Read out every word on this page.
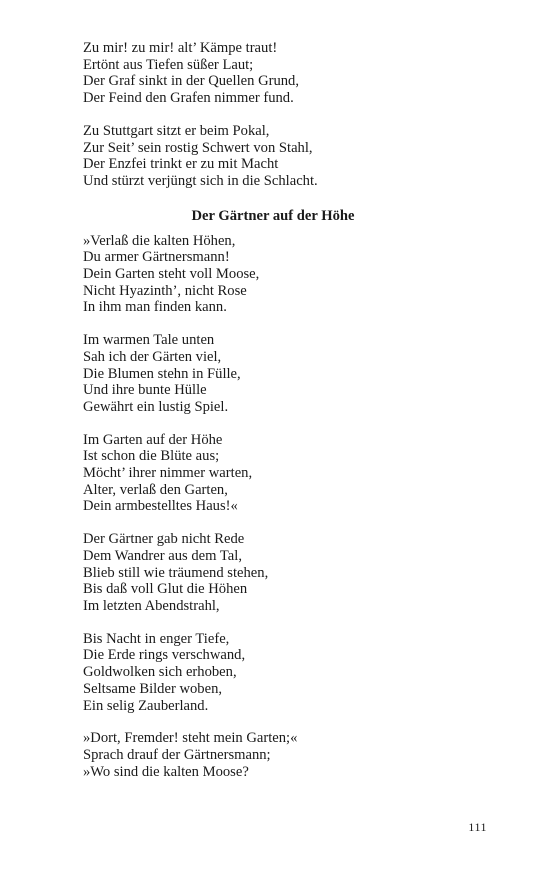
Zu mir! zu mir! alt’ Kämpe traut!
Ertönt aus Tiefen süßer Laut;
Der Graf sinkt in der Quellen Grund,
Der Feind den Grafen nimmer fund.
Zu Stuttgart sitzt er beim Pokal,
Zur Seit’ sein rostig Schwert von Stahl,
Der Enzfei trinkt er zu mit Macht
Und stürzt verjüngt sich in die Schlacht.
Der Gärtner auf der Höhe
»Verlaß die kalten Höhen,
Du armer Gärtnersmann!
Dein Garten steht voll Moose,
Nicht Hyazinth’, nicht Rose
In ihm man finden kann.
Im warmen Tale unten
Sah ich der Gärten viel,
Die Blumen stehn in Fülle,
Und ihre bunte Hülle
Gewährt ein lustig Spiel.
Im Garten auf der Höhe
Ist schon die Blüte aus;
Möcht’ ihrer nimmer warten,
Alter, verlaß den Garten,
Dein armbestelltes Haus!«
Der Gärtner gab nicht Rede
Dem Wandrer aus dem Tal,
Blieb still wie träumend stehen,
Bis daß voll Glut die Höhen
Im letzten Abendstrahl,
Bis Nacht in enger Tiefe,
Die Erde rings verschwand,
Goldwolken sich erhoben,
Seltsame Bilder woben,
Ein selig Zauberland.
»Dort, Fremder! steht mein Garten;«
Sprach drauf der Gärtnersmann;
»Wo sind die kalten Moose?
111
